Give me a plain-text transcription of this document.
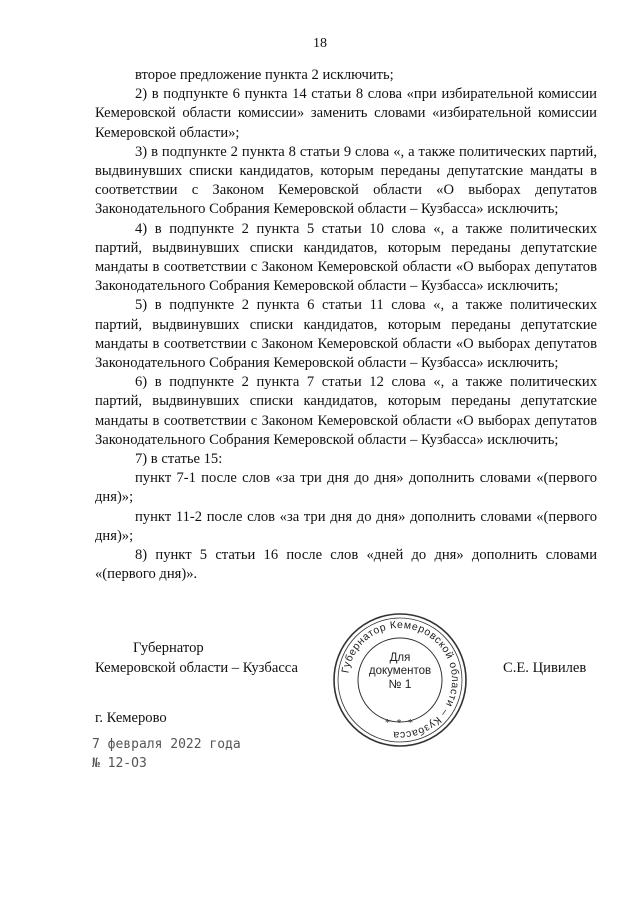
18

второе предложение пункта 2 исключить;

2) в подпункте 6 пункта 14 статьи 8 слова «при избирательной комиссии Кемеровской области комиссии» заменить словами «избирательной комиссии Кемеровской области»;

3) в подпункте 2 пункта 8 статьи 9 слова «, а также политических партий, выдвинувших списки кандидатов, которым переданы депутатские мандаты в соответствии с Законом Кемеровской области «О выборах депутатов Законодательного Собрания Кемеровской области – Кузбасса» исключить;

4) в подпункте 2 пункта 5 статьи 10 слова «, а также политических партий, выдвинувших списки кандидатов, которым переданы депутатские мандаты в соответствии с Законом Кемеровской области «О выборах депутатов Законодательного Собрания Кемеровской области – Кузбасса» исключить;

5) в подпункте 2 пункта 6 статьи 11 слова «, а также политических партий, выдвинувших списки кандидатов, которым переданы депутатские мандаты в соответствии с Законом Кемеровской области «О выборах депутатов Законодательного Собрания Кемеровской области – Кузбасса» исключить;

6) в подпункте 2 пункта 7 статьи 12 слова «, а также политических партий, выдвинувших списки кандидатов, которым переданы депутатские мандаты в соответствии с Законом Кемеровской области «О выборах депутатов Законодательного Собрания Кемеровской области – Кузбасса» исключить;

7) в статье 15:

пункт 7-1 после слов «за три дня до дня» дополнить словами «(первого дня)»;

пункт 11-2 после слов «за три дня до дня» дополнить словами «(первого дня)»;

8) пункт 5 статьи 16 после слов «дней до дня» дополнить словами «(первого дня)».

Губернатор
Кемеровской области – Кузбасса	Губернатор Кемеровской области – Кузбасса
Для
документов
№ 1
* * *
С.Е. Цивилев
г. Кемерово
7 февраля 2022 года
№ 12-ОЗ
